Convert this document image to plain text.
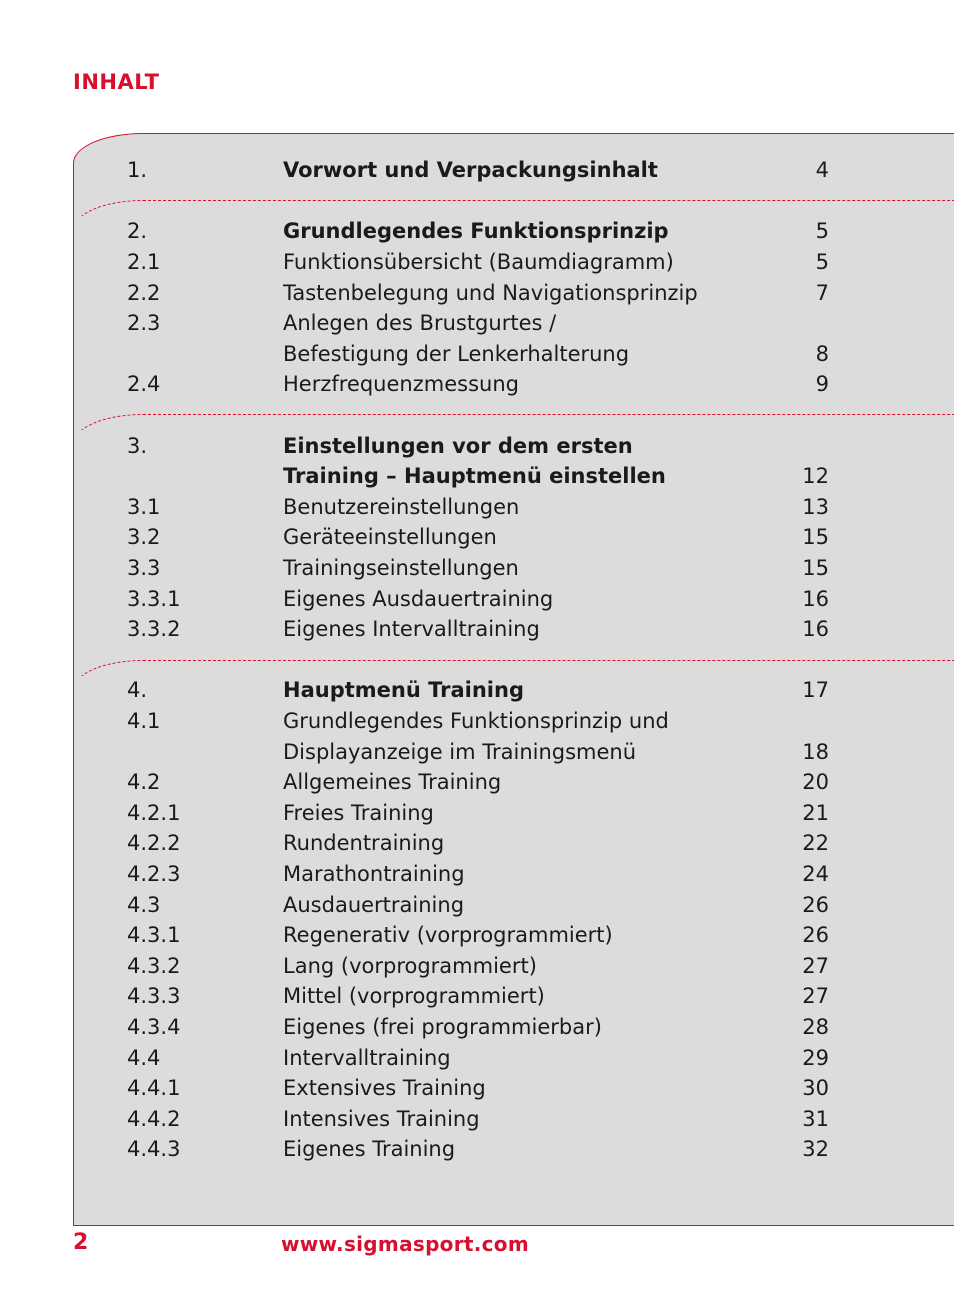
INHALT
1.	Vorwort und Verpackungsinhalt	4
2.	Grundlegendes Funktionsprinzip	5
2.1	Funktionsübersicht (Baumdiagramm)	5
2.2	Tastenbelegung und Navigationsprinzip	7
2.3	Anlegen des Brustgurtes /
Befestigung der Lenkerhalterung	8
2.4	Herzfrequenzmessung	9
3.	Einstellungen vor dem ersten
Training – Hauptmenü einstellen	12
3.1	Benutzereinstellungen	13
3.2	Geräteeinstellungen	15
3.3	Trainingseinstellungen	15
3.3.1	Eigenes Ausdauertraining	16
3.3.2	Eigenes Intervalltraining	16
4.	Hauptmenü Training	17
4.1	Grundlegendes Funktionsprinzip und
Displayanzeige im Trainingsmenü	18
4.2	Allgemeines Training	20
4.2.1	Freies Training	21
4.2.2	Rundentraining	22
4.2.3	Marathontraining	24
4.3	Ausdauertraining	26
4.3.1	Regenerativ (vorprogrammiert)	26
4.3.2	Lang (vorprogrammiert)	27
4.3.3	Mittel (vorprogrammiert)	27
4.3.4	Eigenes (frei programmierbar)	28
4.4	Intervalltraining	29
4.4.1	Extensives Training	30
4.4.2	Intensives Training	31
4.4.3	Eigenes Training	32
2	www.sigmasport.com
